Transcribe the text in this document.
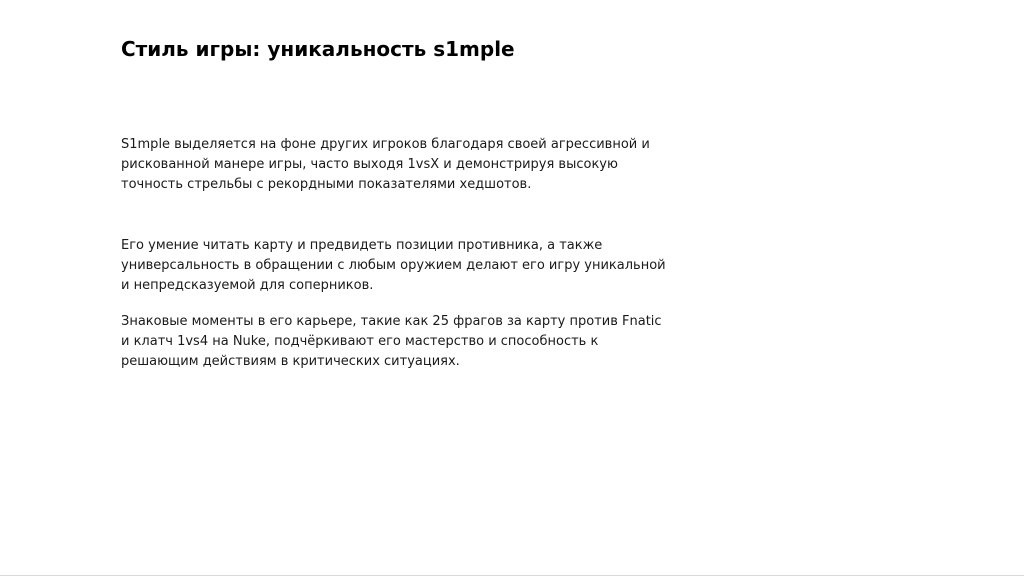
Стиль игры: уникальность s1mple

S1mple выделяется на фоне других игроков благодаря своей агрессивной и рискованной манере игры, часто выходя 1vsX и демонстрируя высокую точность стрельбы с рекордными показателями хедшотов.

Его умение читать карту и предвидеть позиции противника, а также универсальность в обращении с любым оружием делают его игру уникальной и непредсказуемой для соперников.

Знаковые моменты в его карьере, такие как 25 фрагов за карту против Fnatic и клатч 1vs4 на Nuke, подчёркивают его мастерство и способность к решающим действиям в критических ситуациях.
